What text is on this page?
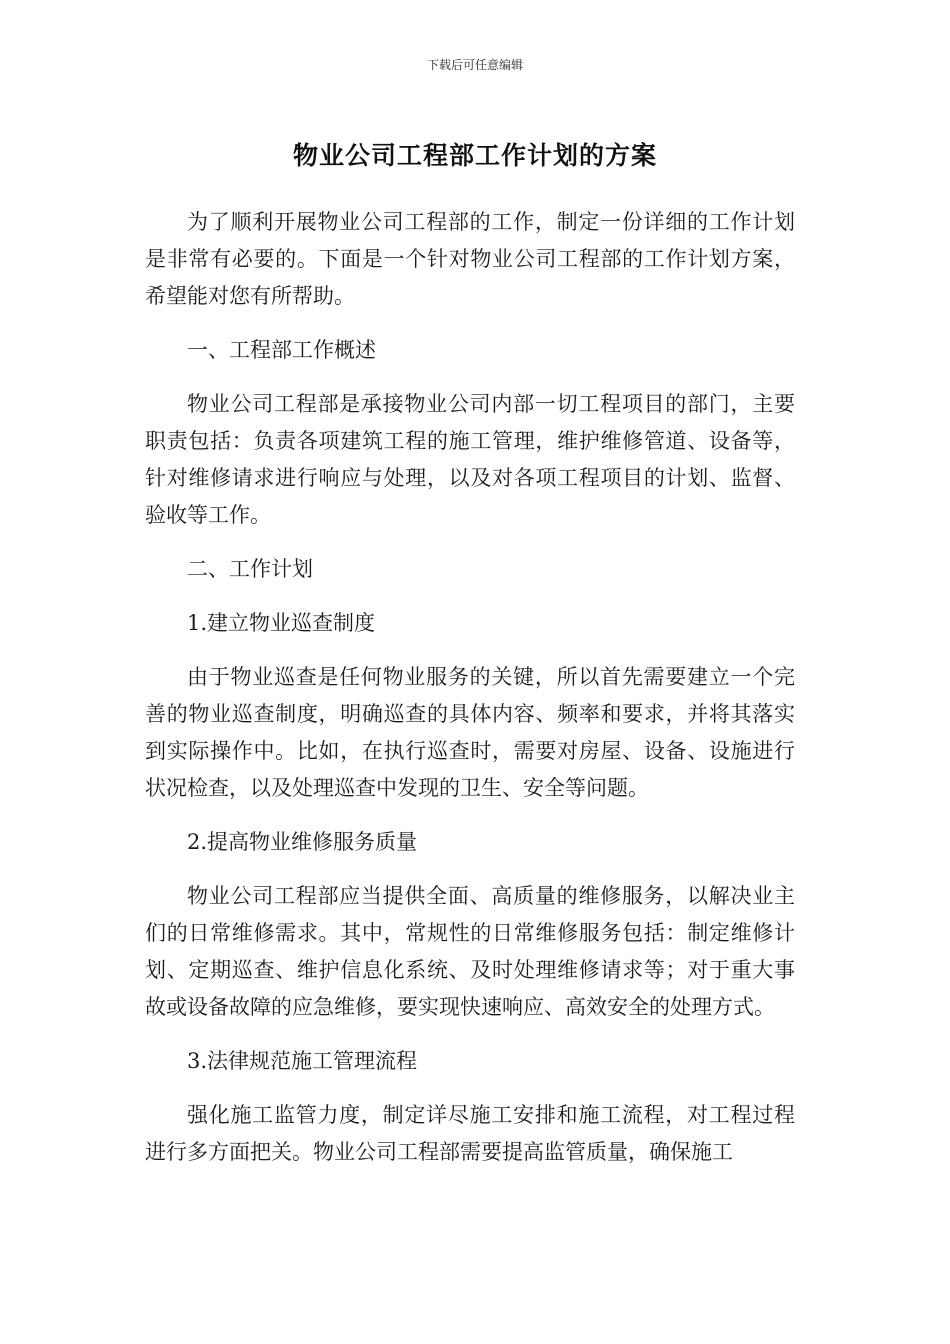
下载后可任意编辑
物业公司工程部工作计划的方案

为了顺利开展物业公司工程部的工作，制定一份详细的工作计划是非常有必要的。下面是一个针对物业公司工程部的工作计划方案，希望能对您有所帮助。

一、工程部工作概述

物业公司工程部是承接物业公司内部一切工程项目的部门，主要职责包括：负责各项建筑工程的施工管理，维护维修管道、设备等，针对维修请求进行响应与处理，以及对各项工程项目的计划、监督、验收等工作。

二、工作计划

1.建立物业巡查制度

由于物业巡查是任何物业服务的关键，所以首先需要建立一个完善的物业巡查制度，明确巡查的具体内容、频率和要求，并将其落实到实际操作中。比如，在执行巡查时，需要对房屋、设备、设施进行状况检查，以及处理巡查中发现的卫生、安全等问题。

2.提高物业维修服务质量

物业公司工程部应当提供全面、高质量的维修服务，以解决业主们的日常维修需求。其中，常规性的日常维修服务包括：制定维修计划、定期巡查、维护信息化系统、及时处理维修请求等；对于重大事故或设备故障的应急维修，要实现快速响应、高效安全的处理方式。

3.法律规范施工管理流程

强化施工监管力度，制定详尽施工安排和施工流程，对工程过程进行多方面把关。物业公司工程部需要提高监管质量，确保施工
